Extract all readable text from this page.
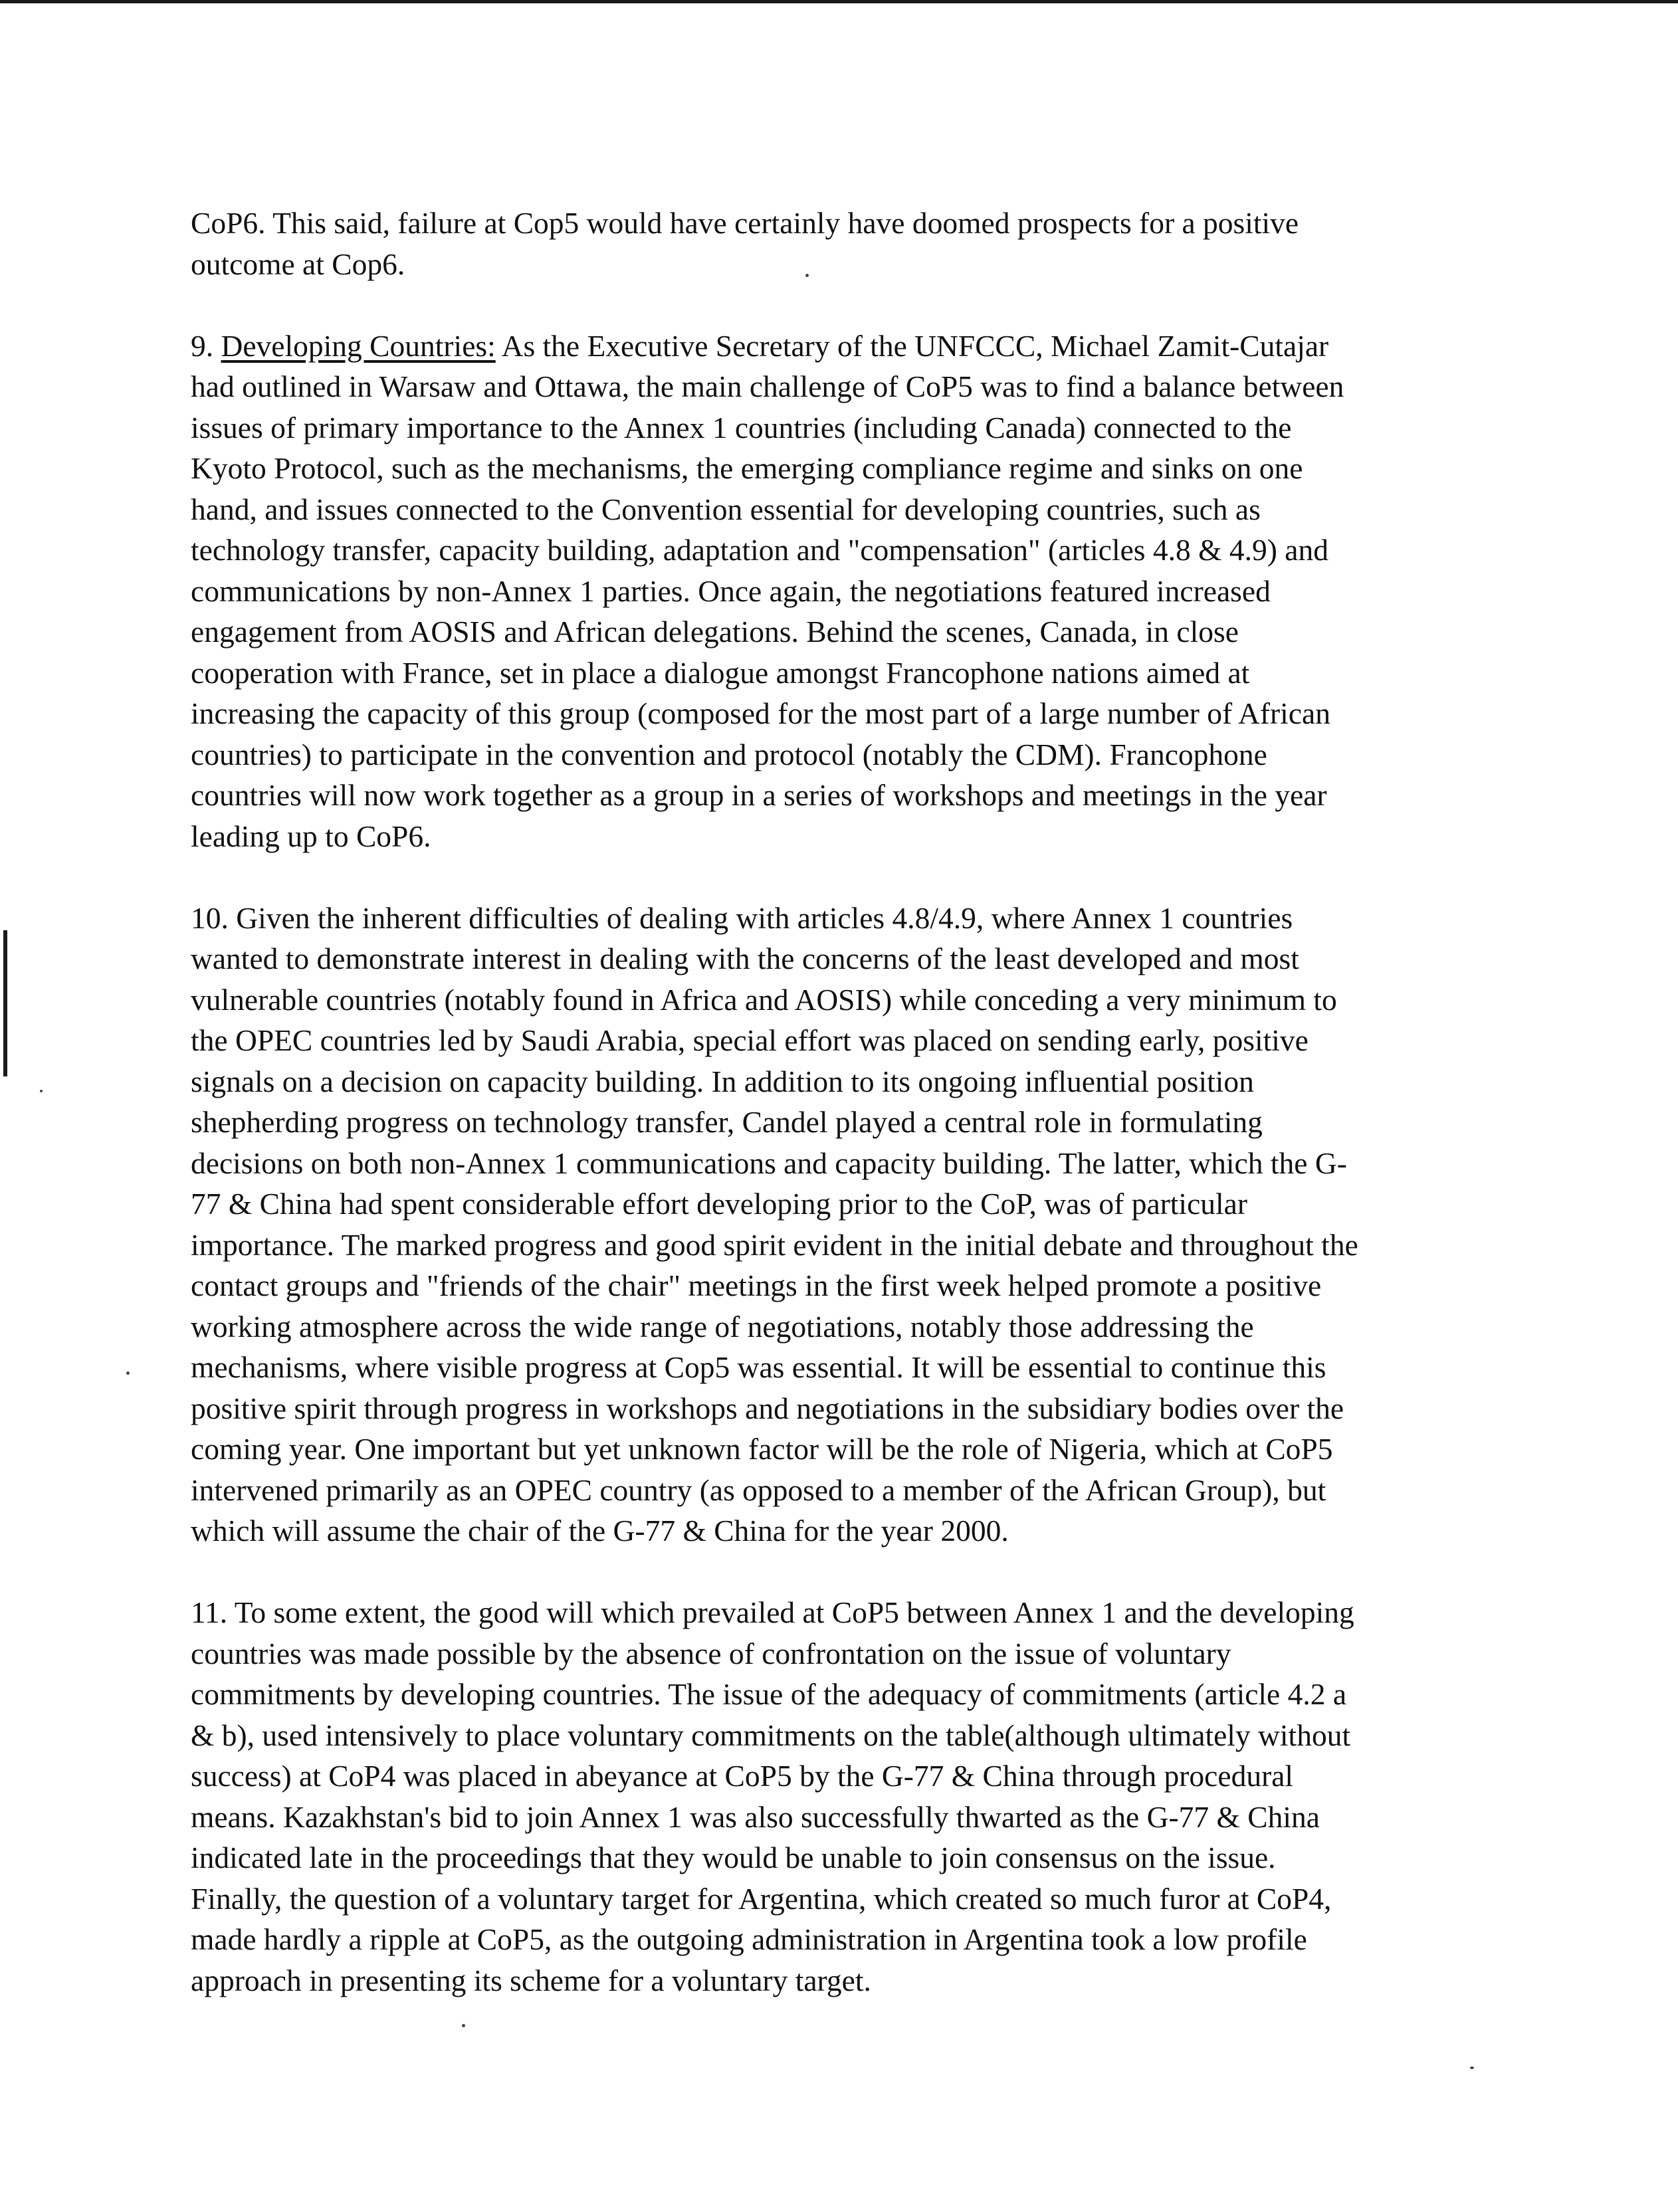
CoP6. This said, failure at Cop5 would have certainly have doomed prospects for a positive
outcome at Cop6.

9. Developing Countries: As the Executive Secretary of the UNFCCC, Michael Zamit-Cutajar
had outlined in Warsaw and Ottawa, the main challenge of CoP5 was to find a balance between
issues of primary importance to the Annex 1 countries (including Canada) connected to the
Kyoto Protocol, such as the mechanisms, the emerging compliance regime and sinks on one
hand, and issues connected to the Convention essential for developing countries, such as
technology transfer, capacity building, adaptation and "compensation" (articles 4.8 & 4.9) and
communications by non-Annex 1 parties. Once again, the negotiations featured increased
engagement from AOSIS and African delegations. Behind the scenes, Canada, in close
cooperation with France, set in place a dialogue amongst Francophone nations aimed at
increasing the capacity of this group (composed for the most part of a large number of African
countries) to participate in the convention and protocol (notably the CDM). Francophone
countries will now work together as a group in a series of workshops and meetings in the year
leading up to CoP6.

10. Given the inherent difficulties of dealing with articles 4.8/4.9, where Annex 1 countries
wanted to demonstrate interest in dealing with the concerns of the least developed and most
vulnerable countries (notably found in Africa and AOSIS) while conceding a very minimum to
the OPEC countries led by Saudi Arabia, special effort was placed on sending early, positive
signals on a decision on capacity building. In addition to its ongoing influential position
shepherding progress on technology transfer, Candel played a central role in formulating
decisions on both non-Annex 1 communications and capacity building. The latter, which the G-
77 & China had spent considerable effort developing prior to the CoP, was of particular
importance. The marked progress and good spirit evident in the initial debate and throughout the
contact groups and "friends of the chair" meetings in the first week helped promote a positive
working atmosphere across the wide range of negotiations, notably those addressing the
mechanisms, where visible progress at Cop5 was essential. It will be essential to continue this
positive spirit through progress in workshops and negotiations in the subsidiary bodies over the
coming year. One important but yet unknown factor will be the role of Nigeria, which at CoP5
intervened primarily as an OPEC country (as opposed to a member of the African Group), but
which will assume the chair of the G-77 & China for the year 2000.

11. To some extent, the good will which prevailed at CoP5 between Annex 1 and the developing
countries was made possible by the absence of confrontation on the issue of voluntary
commitments by developing countries. The issue of the adequacy of commitments (article 4.2 a
& b), used intensively to place voluntary commitments on the table(although ultimately without
success) at CoP4 was placed in abeyance at CoP5 by the G-77 & China through procedural
means. Kazakhstan's bid to join Annex 1 was also successfully thwarted as the G-77 & China
indicated late in the proceedings that they would be unable to join consensus on the issue.
Finally, the question of a voluntary target for Argentina, which created so much furor at CoP4,
made hardly a ripple at CoP5, as the outgoing administration in Argentina took a low profile
approach in presenting its scheme for a voluntary target.
